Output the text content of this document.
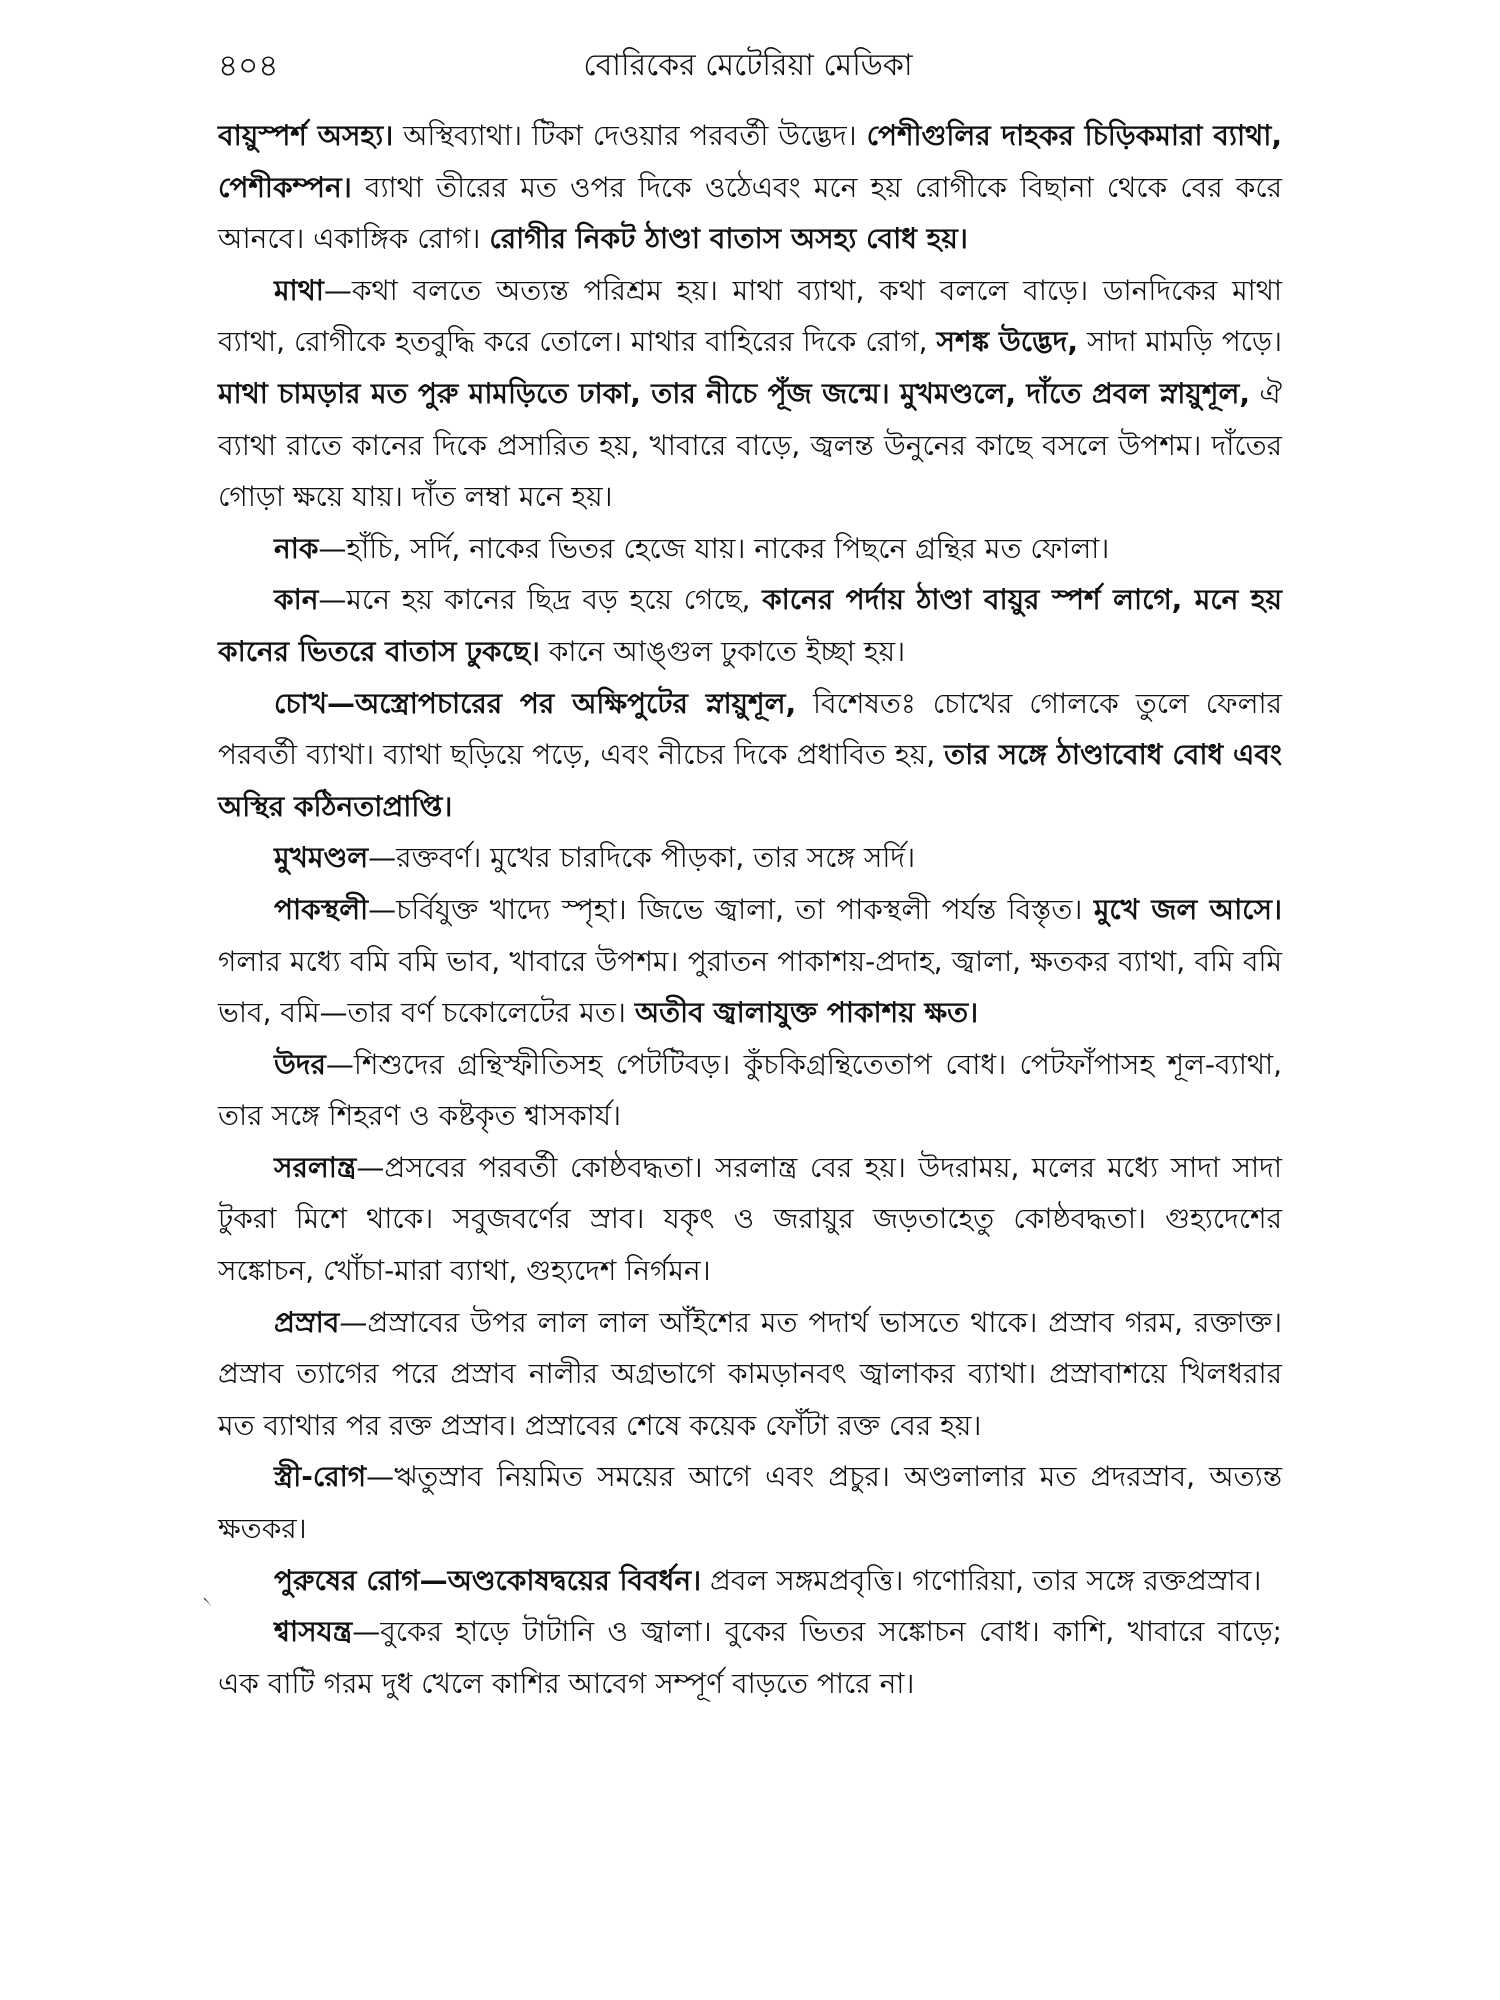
৪০৪	বোরিকের মেটেরিয়া মেডিকা

বায়ুস্পর্শ অসহ্য। অস্থিব্যাথা। টিকা দেওয়ার পরবর্তী উদ্ভেদ। পেশীগুলির দাহকর চিড়িকমারা ব্যাথা, পেশীকম্পন। ব্যাথা তীরের মত ওপর দিকে ওঠেএবং মনে হয় রোগীকে বিছানা থেকে বের করে আনবে। একাঙ্গিক রোগ। রোগীর নিকট ঠাণ্ডা বাতাস অসহ্য বোধ হয়।

মাথা—কথা বলতে অত্যন্ত পরিশ্রম হয়। মাথা ব্যাথা, কথা বললে বাড়ে। ডানদিকের মাথা ব্যাথা, রোগীকে হতবুদ্ধি করে তোলে। মাথার বাহিরের দিকে রোগ, সশঙ্ক উদ্ভেদ, সাদা মামড়ি পড়ে। মাথা চামড়ার মত পুরু মামড়িতে ঢাকা, তার নীচে পূঁজ জন্মে। মুখমণ্ডলে, দাঁতে প্রবল স্নায়ুশূল, ঐ ব্যাথা রাতে কানের দিকে প্রসারিত হয়, খাবারে বাড়ে, জ্বলন্ত উনুনের কাছে বসলে উপশম। দাঁতের গোড়া ক্ষয়ে যায়। দাঁত লম্বা মনে হয়।

নাক—হাঁচি, সর্দি, নাকের ভিতর হেজে যায়। নাকের পিছনে গ্রন্থির মত ফোলা।

কান—মনে হয় কানের ছিদ্র বড় হয়ে গেছে, কানের পর্দায় ঠাণ্ডা বায়ুর স্পর্শ লাগে, মনে হয় কানের ভিতরে বাতাস ঢুকছে। কানে আঙ্গুল ঢুকাতে ইচ্ছা হয়।

চোখ—অস্ত্রোপচারের পর অক্ষিপুটের স্নায়ুশূল, বিশেষতঃ চোখের গোলকে তুলে ফেলার পরবর্তী ব্যাথা। ব্যাথা ছড়িয়ে পড়ে, এবং নীচের দিকে প্রধাবিত হয়, তার সঙ্গে ঠাণ্ডাবোধ বোধ এবং অস্থির কঠিনতাপ্রাপ্তি।

মুখমণ্ডল—রক্তবর্ণ। মুখের চারদিকে পীড়কা, তার সঙ্গে সর্দি।

পাকস্থলী—চর্বিযুক্ত খাদ্যে স্পৃহা। জিভে জ্বালা, তা পাকস্থলী পর্যন্ত বিস্তৃত। মুখে জল আসে। গলার মধ্যে বমি বমি ভাব, খাবারে উপশম। পুরাতন পাকাশয়-প্রদাহ, জ্বালা, ক্ষতকর ব্যাথা, বমি বমি ভাব, বমি—তার বর্ণ চকোলেটের মত। অতীব জ্বালাযুক্ত পাকাশয় ক্ষত।

উদর—শিশুদের গ্রন্থিস্ফীতিসহ পেটটিবড়। কুঁচকিগ্রন্থিতেতাপ বোধ। পেটফাঁপাসহ শূল-ব্যাথা, তার সঙ্গে শিহরণ ও কষ্টকৃত শ্বাসকার্য।

সরলান্ত্র—প্রসবের পরবর্তী কোষ্ঠবদ্ধতা। সরলান্ত্র বের হয়। উদরাময়, মলের মধ্যে সাদা সাদা টুকরা মিশে থাকে। সবুজবর্ণের স্রাব। যকৃৎ ও জরায়ুর জড়তাহেতু কোষ্ঠবদ্ধতা। গুহ্যদেশের সঙ্কোচন, খোঁচা-মারা ব্যাথা, গুহ্যদেশ নির্গমন।

প্রস্রাব—প্রস্রাবের উপর লাল লাল আঁইশের মত পদার্থ ভাসতে থাকে। প্রস্রাব গরম, রক্তাক্ত। প্রস্রাব ত্যাগের পরে প্রস্রাব নালীর অগ্রভাগে কামড়ানবৎ জ্বালাকর ব্যাথা। প্রস্রাবাশয়ে খিলধরার মত ব্যাথার পর রক্ত প্রস্রাব। প্রস্রাবের শেষে কয়েক ফোঁটা রক্ত বের হয়।

স্ত্রী-রোগ—ঋতুস্রাব নিয়মিত সময়ের আগে এবং প্রচুর। অণ্ডলালার মত প্রদরস্রাব, অত্যন্ত ক্ষতকর।

পুরুষের রোগ—অণ্ডকোষদ্বয়ের বিবর্ধন। প্রবল সঙ্গমপ্রবৃত্তি। গণোরিয়া, তার সঙ্গে রক্তপ্রস্রাব।

শ্বাসযন্ত্র—বুকের হাড়ে টাটানি ও জ্বালা। বুকের ভিতর সঙ্কোচন বোধ। কাশি, খাবারে বাড়ে; এক বাটি গরম দুধ খেলে কাশির আবেগ সম্পূর্ণ বাড়তে পারে না।

৲
